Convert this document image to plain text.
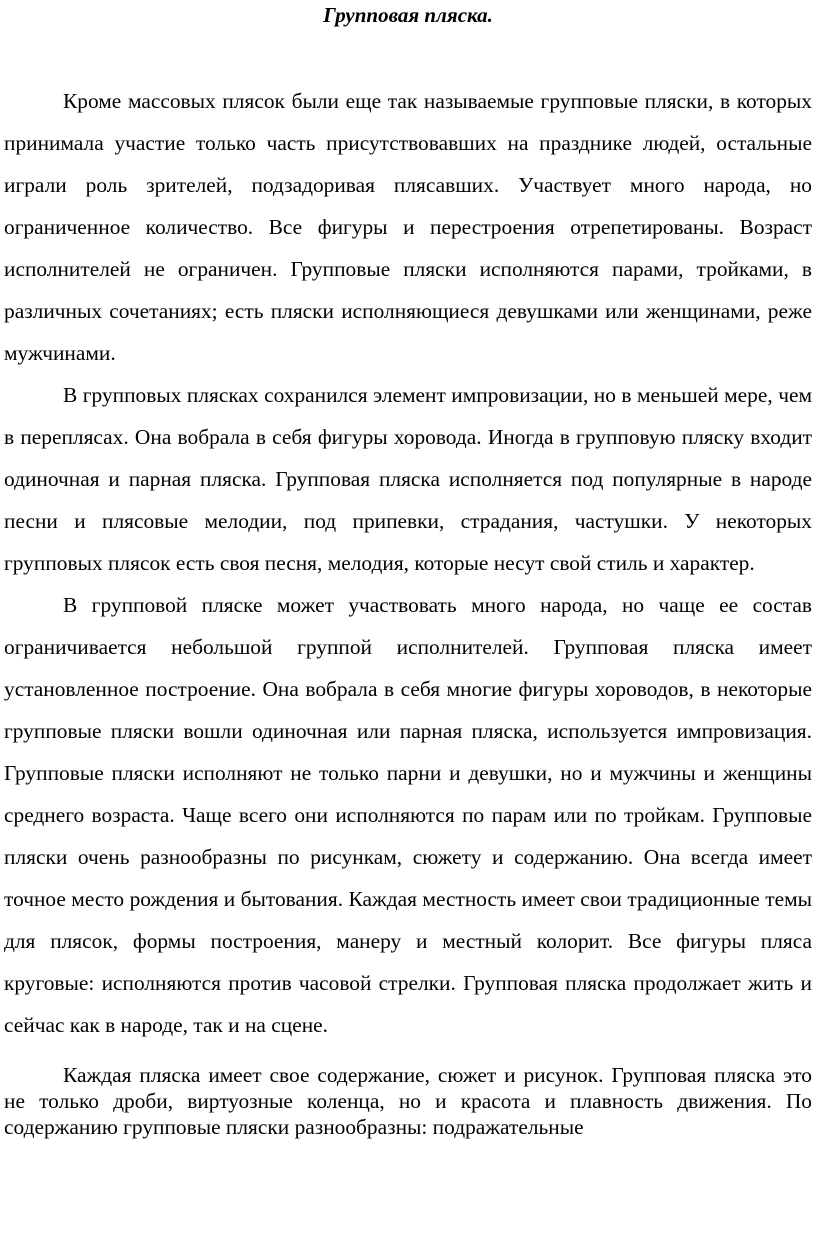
Групповая пляска.

Кроме массовых плясок были еще так называемые групповые пляски, в которых принимала участие только часть присутствовавших на празднике людей, остальные играли роль зрителей, подзадоривая плясавших. Участвует много народа, но ограниченное количество. Все фигуры и перестроения отрепетированы. Возраст исполнителей не ограничен. Групповые пляски исполняются парами, тройками, в различных сочетаниях; есть пляски исполняющиеся девушками или женщинами, реже мужчинами.

В групповых плясках сохранился элемент импровизации, но в меньшей мере, чем в переплясах. Она вобрала в себя фигуры хоровода. Иногда в групповую пляску входит одиночная и парная пляска. Групповая пляска исполняется под популярные в народе песни и плясовые мелодии, под припевки, страдания, частушки. У некоторых групповых плясок есть своя песня, мелодия, которые несут свой стиль и характер.

В групповой пляске может участвовать много народа, но чаще ее состав ограничивается небольшой группой исполнителей. Групповая пляска имеет установленное построение. Она вобрала в себя многие фигуры хороводов, в некоторые групповые пляски вошли одиночная или парная пляска, используется импровизация. Групповые пляски исполняют не только парни и девушки, но и мужчины и женщины среднего возраста. Чаще всего они исполняются по парам или по тройкам. Групповые пляски очень разнообразны по рисункам, сюжету и содержанию. Она всегда имеет точное место рождения и бытования. Каждая местность имеет свои традиционные темы для плясок, формы построения, манеру и местный колорит. Все фигуры пляса круговые: исполняются против часовой стрелки. Групповая пляска продолжает жить и сейчас как в народе, так и на сцене.

Каждая пляска имеет свое содержание, сюжет и рисунок. Групповая пляска это не только дроби, виртуозные коленца, но и красота и плавность движения. По содержанию групповые пляски разнообразны: подражательные
